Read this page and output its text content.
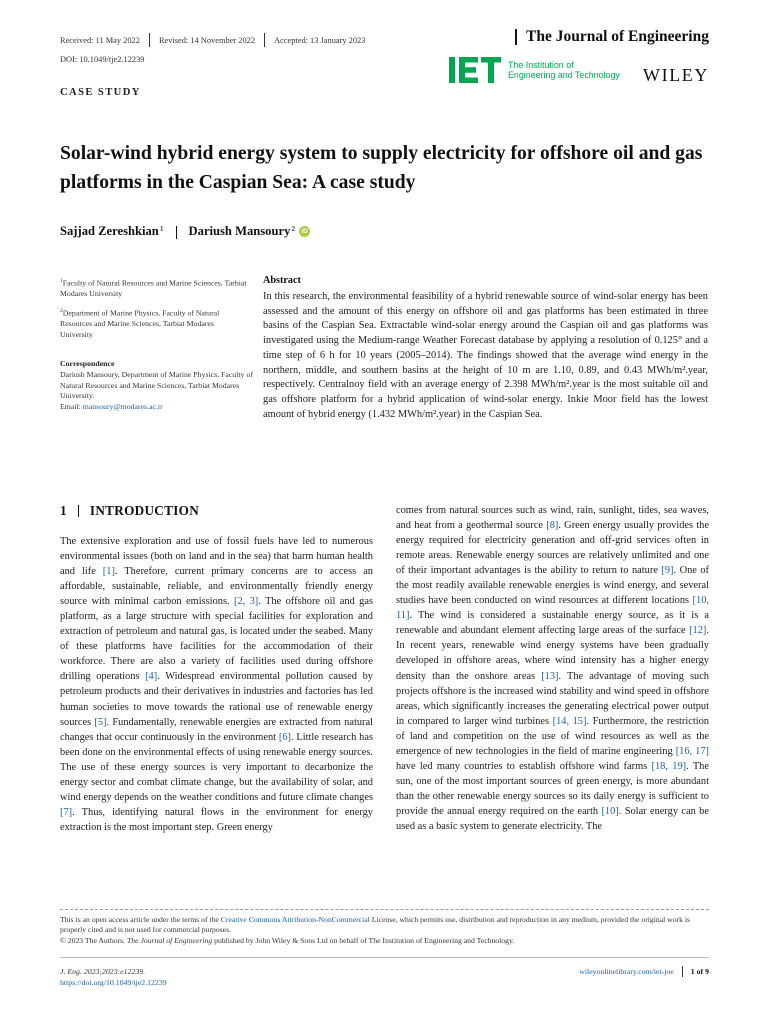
Received: 11 May 2022 Revised: 14 November 2022 Accepted: 13 January 2023	The Journal of Engineering
DOI: 10.1049/tje2.12239
The Institution of
Engineering and Technology WILEY
CASE STUDY
Solar-wind hybrid energy system to supply electricity for offshore oil and gas platforms in the Caspian Sea: A case study
Sajjad Zereshkian$^1$ Dariush Mansoury$^2$ iD
$^1$Faculty of Natural Resources and Marine Sciences, Tarbiat Modares University
$^2$Department of Marine Physics, Faculty of Natural Resources and Marine Sciences, Tarbiat Modares University
Correspondence
Dariush Mansoury, Department of Marine Physics, Faculty of Natural Resources and Marine Sciences, Tarbiat Modares University.
Email: mansoury@modares.ac.ir
Abstract
In this research, the environmental feasibility of a hybrid renewable source of wind-solar energy has been assessed and the amount of this energy on offshore oil and gas platforms has been estimated in three basins of the Caspian Sea. Extractable wind-solar energy around the Caspian oil and gas platforms was investigated using the Medium-range Weather Forecast database by applying a resolution of 0.125° and a time step of 6 h for 10 years (2005–2014). The findings showed that the average wind energy in the northern, middle, and southern basins at the height of 10 m are 1.10, 0.89, and 0.43 MWh/m².year, respectively. Centralnoy field with an average energy of 2.398 MWh/m².year is the most suitable oil and gas offshore platform for a hybrid application of wind-solar energy. Inkie Moor field has the lowest amount of hybrid energy (1.432 MWh/m².year) in the Caspian Sea.
1 INTRODUCTION
The extensive exploration and use of fossil fuels have led to numerous environmental issues (both on land and in the sea) that harm human health and life [1]. Therefore, current primary concerns are to access an affordable, sustainable, reliable, and environmentally friendly energy source with minimal carbon emissions. [2, 3]. The offshore oil and gas platform, as a large structure with special facilities for exploration and extraction of petroleum and natural gas, is located under the seabed. Many of these platforms have facilities for the accommodation of their workforce. There are also a variety of facilities used during offshore drilling operations [4]. Widespread environmental pollution caused by petroleum products and their derivatives in industries and factories has led human societies to move towards the rational use of renewable energy sources [5]. Fundamentally, renewable energies are extracted from natural changes that occur continuously in the environment [6]. Little research has been done on the environmental effects of using renewable energy sources. The use of these energy sources is very important to decarbonize the energy sector and combat climate change, but the availability of solar, and wind energy depends on the weather conditions and future climate changes [7]. Thus, identifying natural flows in the environment for energy extraction is the most important step. Green energy
comes from natural sources such as wind, rain, sunlight, tides, sea waves, and heat from a geothermal source [8]. Green energy usually provides the energy required for electricity generation and off-grid services often in remote areas. Renewable energy sources are relatively unlimited and one of their important advantages is the ability to return to nature [9]. One of the most readily available renewable energies is wind energy, and several studies have been conducted on wind resources at different locations [10, 11]. The wind is considered a sustainable energy source, as it is a renewable and abundant element affecting large areas of the surface [12]. In recent years, renewable wind energy systems have been gradually developed in offshore areas, where wind intensity has a higher energy density than the onshore areas [13]. The advantage of moving such projects offshore is the increased wind stability and wind speed in offshore areas, which significantly increases the generating electrical power output in compared to larger wind turbines [14, 15]. Furthermore, the restriction of land and competition on the use of wind resources as well as the emergence of new technologies in the field of marine engineering [16, 17] have led many countries to establish offshore wind farms [18, 19]. The sun, one of the most important sources of green energy, is more abundant than the other renewable energy sources so its daily energy is sufficient to provide the annual energy required on the earth [10]. Solar energy can be used as a basic system to generate electricity. The
This is an open access article under the terms of the Creative Commons Attribution-NonCommercial License, which permits use, distribution and reproduction in any medium, provided the original work is properly cited and is not used for commercial purposes.
© 2023 The Authors. The Journal of Engineering published by John Wiley & Sons Ltd on behalf of The Institution of Engineering and Technology.
J. Eng. 2023;2023:e12239.
https://doi.org/10.1049/tje2.12239
wileyonlinelibrary.com/iet-joe 1 of 9
